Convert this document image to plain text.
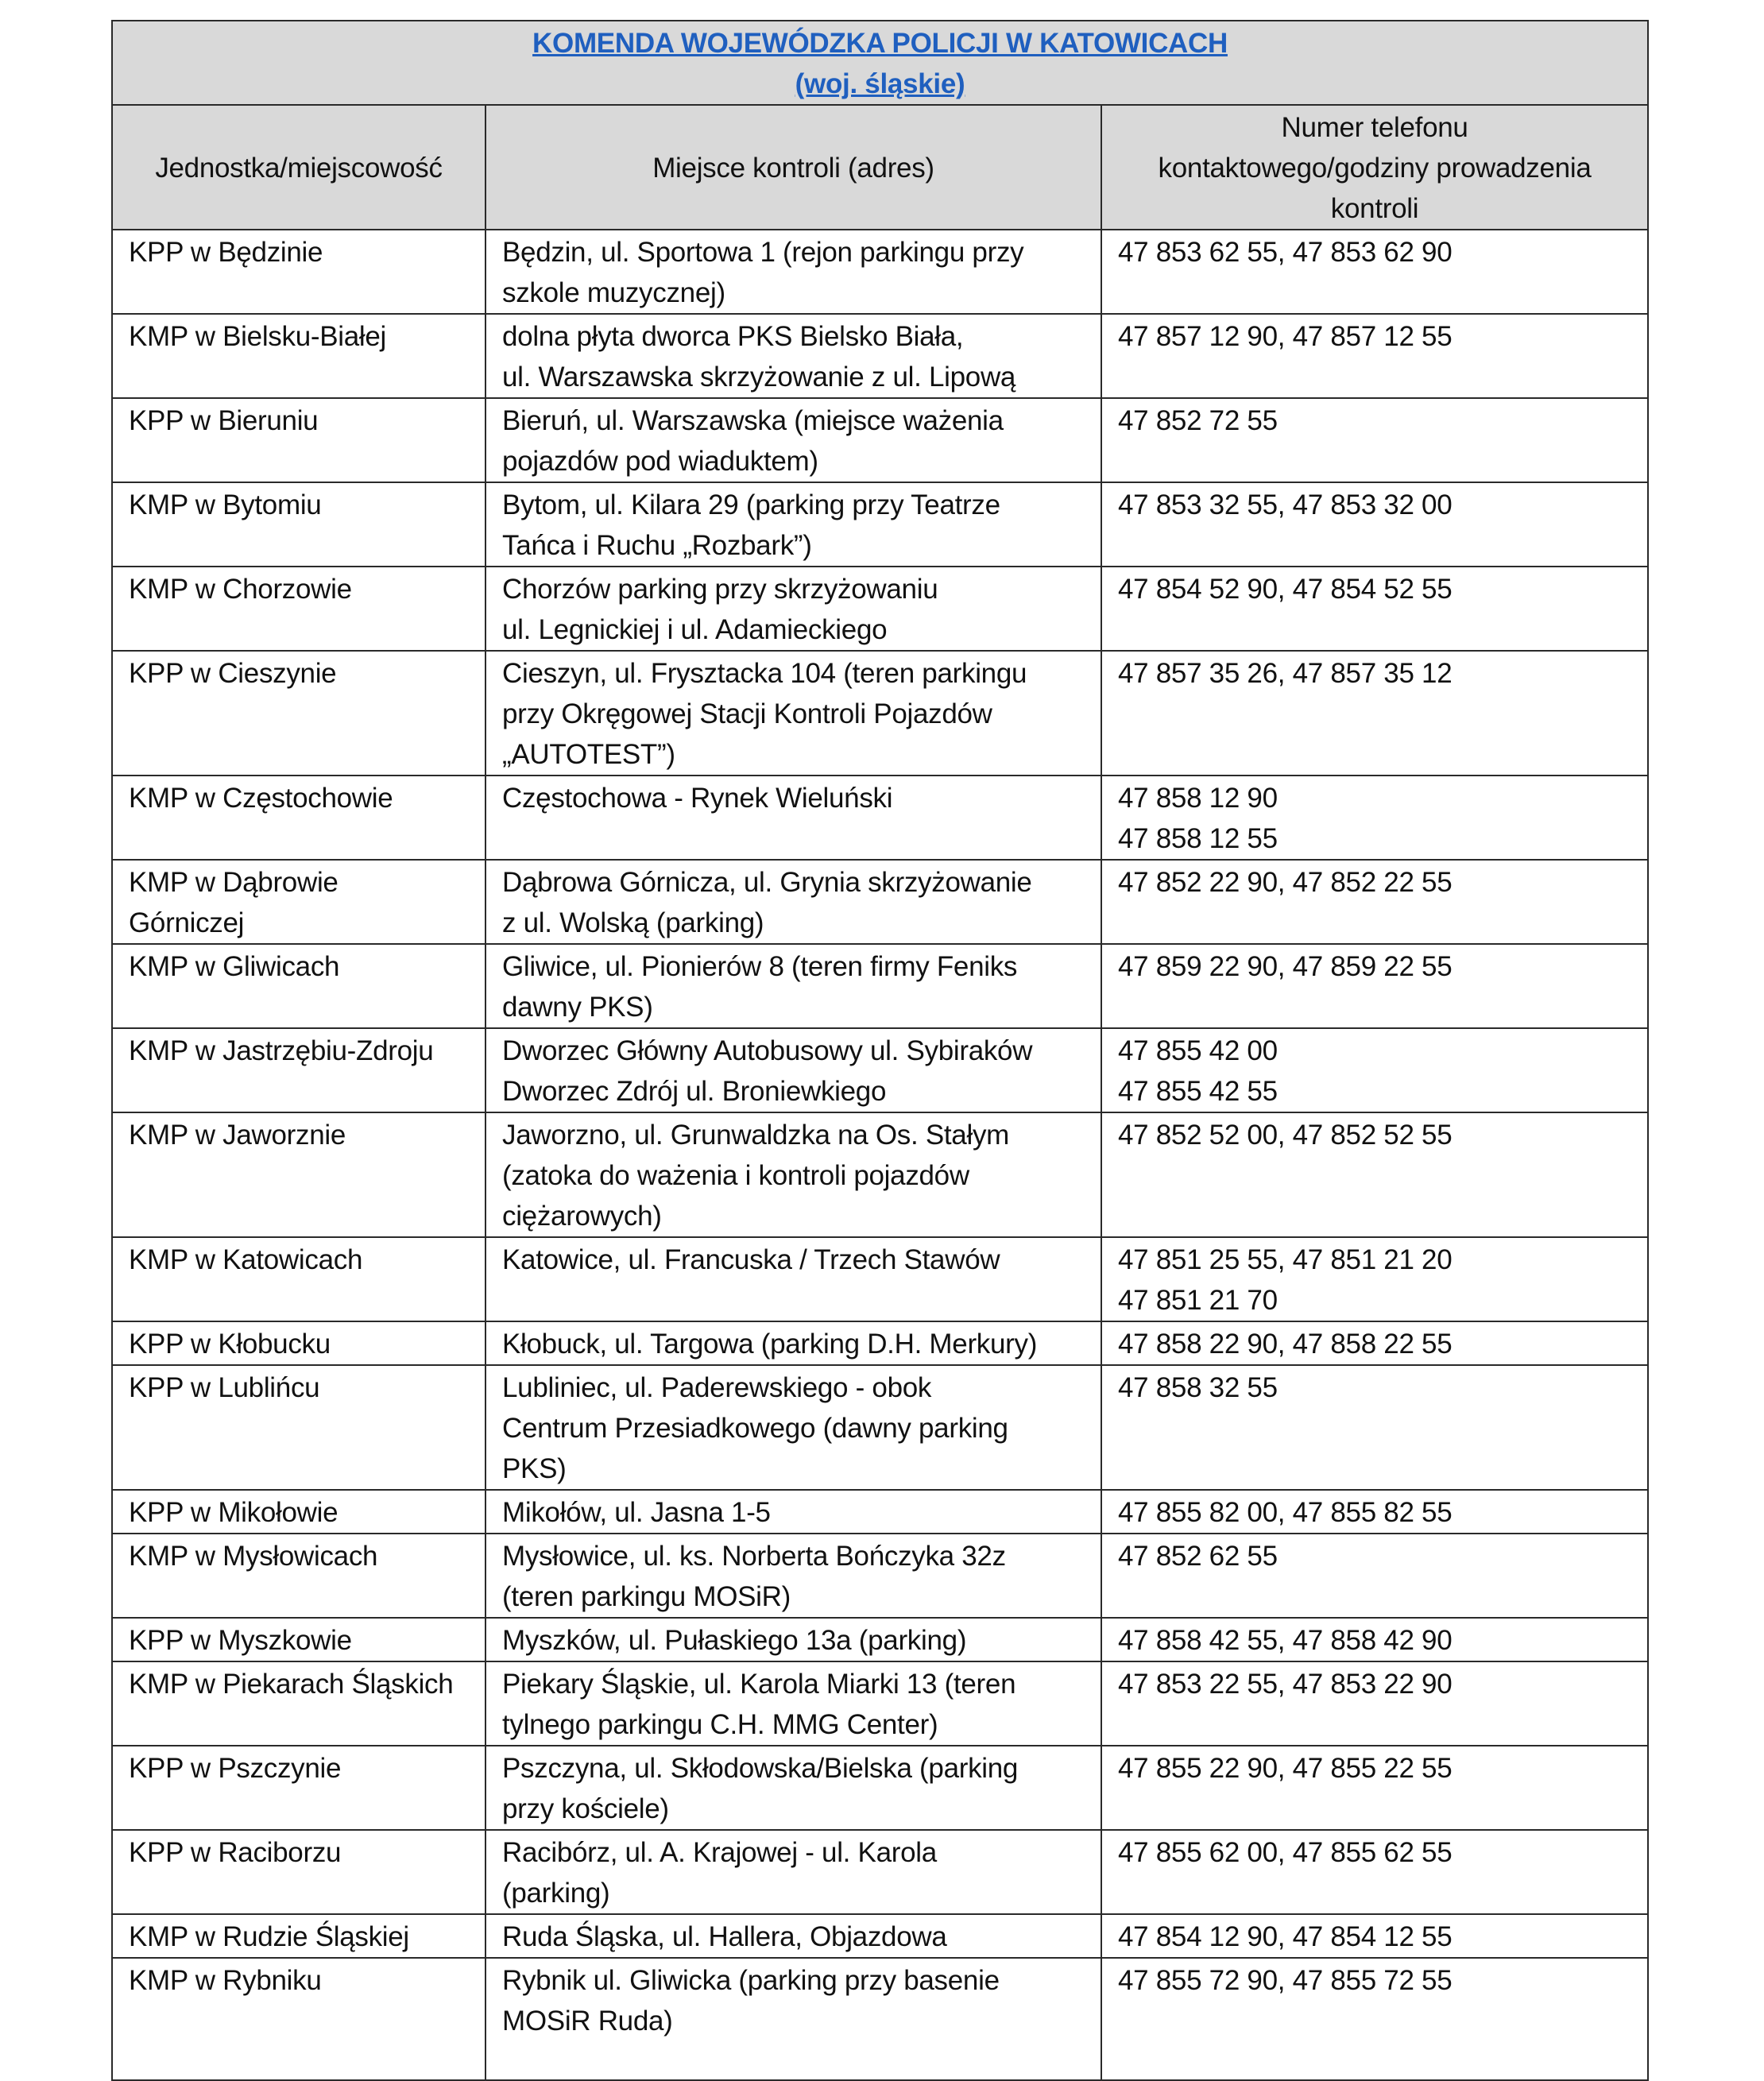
KOMENDA WOJEWÓDZKA POLICJI W KATOWICACH
(woj. śląskie)		

Jednostka/miejscowość	Miejsce kontroli (adres)	Numer telefonu
kontaktowego/godziny prowadzenia
kontroli

KPP w Będzinie	Będzin, ul. Sportowa 1 (rejon parkingu przy
szkole muzycznej)	47 853 62 55, 47 853 62 90

KMP w Bielsku-Białej	dolna płyta dworca PKS Bielsko Biała,
ul. Warszawska skrzyżowanie z ul. Lipową	47 857 12 90, 47 857 12 55

KPP w Bieruniu	Bieruń, ul. Warszawska (miejsce ważenia
pojazdów pod wiaduktem)	47 852 72 55

KMP w Bytomiu	Bytom, ul. Kilara 29 (parking przy Teatrze
Tańca i Ruchu „Rozbark”)	47 853 32 55, 47 853 32 00

KMP w Chorzowie	Chorzów parking przy skrzyżowaniu
ul. Legnickiej i ul. Adamieckiego	47 854 52 90, 47 854 52 55

KPP w Cieszynie	Cieszyn, ul. Frysztacka 104 (teren parkingu
przy Okręgowej Stacji Kontroli Pojazdów
„AUTOTEST”)	47 857 35 26, 47 857 35 12

KMP w Częstochowie	Częstochowa - Rynek Wieluński	47 858 12 90
47 858 12 55

KMP w Dąbrowie
Górniczej	Dąbrowa Górnicza, ul. Grynia skrzyżowanie
z ul. Wolską (parking)	47 852 22 90, 47 852 22 55

KMP w Gliwicach	Gliwice, ul. Pionierów 8 (teren firmy Feniks
dawny PKS)	47 859 22 90, 47 859 22 55

KMP w Jastrzębiu-Zdroju	Dworzec Główny Autobusowy ul. Sybiraków
Dworzec Zdrój ul. Broniewkiego	47 855 42 00
47 855 42 55

KMP w Jaworznie	Jaworzno, ul. Grunwaldzka na Os. Stałym
(zatoka do ważenia i kontroli pojazdów
ciężarowych)	47 852 52 00, 47 852 52 55

KMP w Katowicach	Katowice, ul. Francuska / Trzech Stawów	47 851 25 55, 47 851 21 20
47 851 21 70

KPP w Kłobucku	Kłobuck, ul. Targowa (parking D.H. Merkury)	47 858 22 90, 47 858 22 55

KPP w Lublińcu	Lubliniec, ul. Paderewskiego - obok
Centrum Przesiadkowego (dawny parking
PKS)	47 858 32 55

KPP w Mikołowie	Mikołów, ul. Jasna 1-5	47 855 82 00, 47 855 82 55

KMP w Mysłowicach	Mysłowice, ul. ks. Norberta Bończyka 32z
(teren parkingu MOSiR)	47 852 62 55

KPP w Myszkowie	Myszków, ul. Pułaskiego 13a (parking)	47 858 42 55, 47 858 42 90

KMP w Piekarach Śląskich	Piekary Śląskie, ul. Karola Miarki 13 (teren
tylnego parkingu C.H. MMG Center)	47 853 22 55, 47 853 22 90

KPP w Pszczynie	Pszczyna, ul. Skłodowska/Bielska (parking
przy kościele)	47 855 22 90, 47 855 22 55

KPP w Raciborzu	Racibórz, ul. A. Krajowej - ul. Karola
(parking)	47 855 62 00, 47 855 62 55

KMP w Rudzie Śląskiej	Ruda Śląska, ul. Hallera, Objazdowa	47 854 12 90, 47 854 12 55

KMP w Rybniku	Rybnik ul. Gliwicka (parking przy basenie
MOSiR Ruda)	47 855 72 90, 47 855 72 55
